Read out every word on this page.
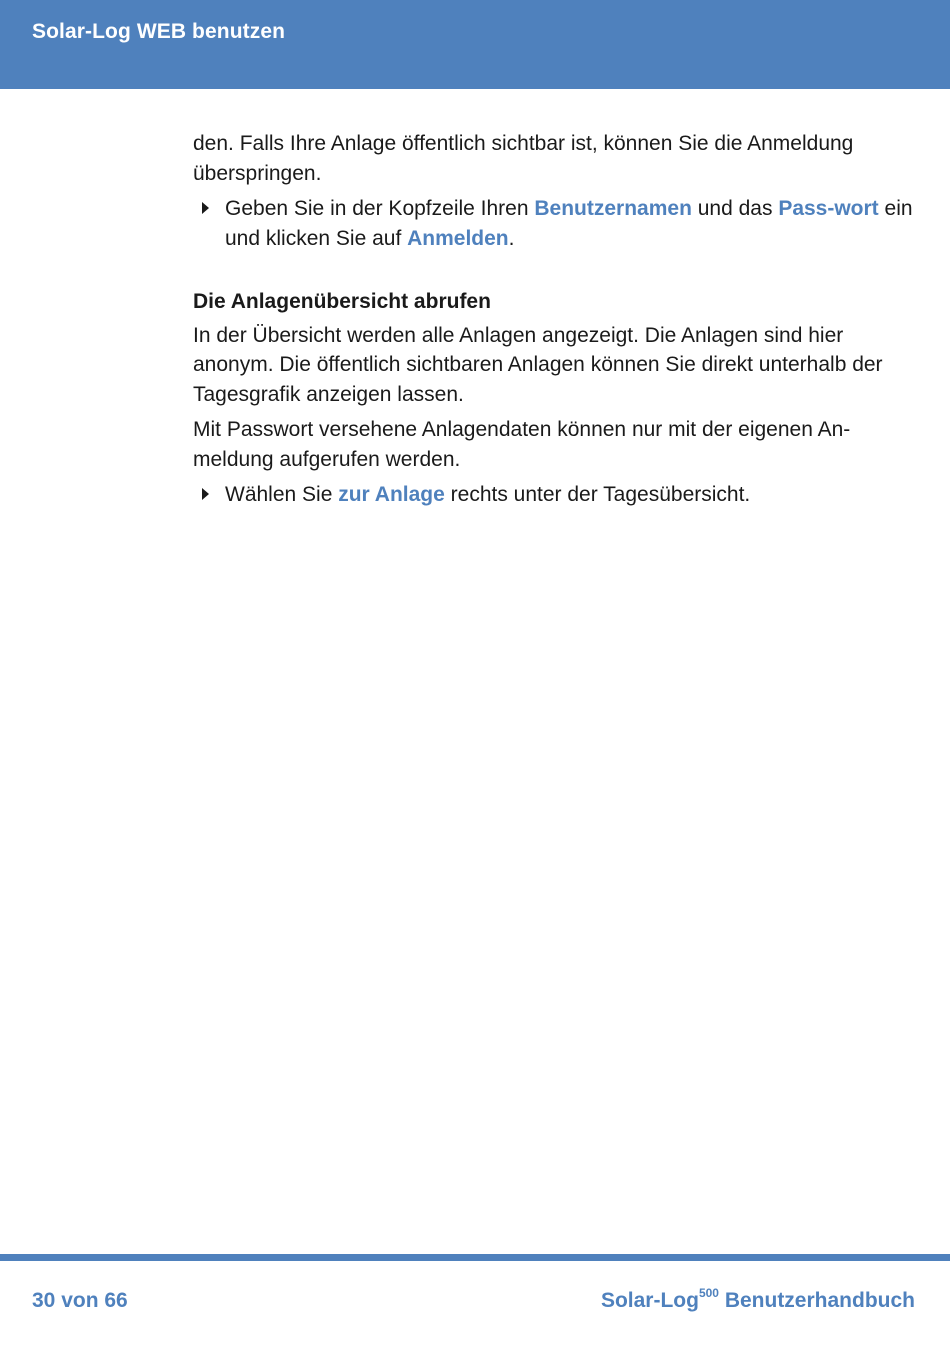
Solar-Log WEB benutzen

den. Falls Ihre Anlage öffentlich sichtbar ist, können Sie die Anmeldung überspringen.

Geben Sie in der Kopfzeile Ihren Benutzernamen und das Pass-wort ein und klicken Sie auf Anmelden.
Die Anlagenübersicht abrufen

In der Übersicht werden alle Anlagen angezeigt. Die Anlagen sind hier anonym. Die öffentlich sichtbaren Anlagen können Sie direkt unterhalb der Tagesgrafik anzeigen lassen.

Mit Passwort versehene Anlagendaten können nur mit der eigenen An-meldung aufgerufen werden.

Wählen Sie zur Anlage rechts unter der Tagesübersicht.
30 von 66	Solar-Log$^{500}$ Benutzerhandbuch
